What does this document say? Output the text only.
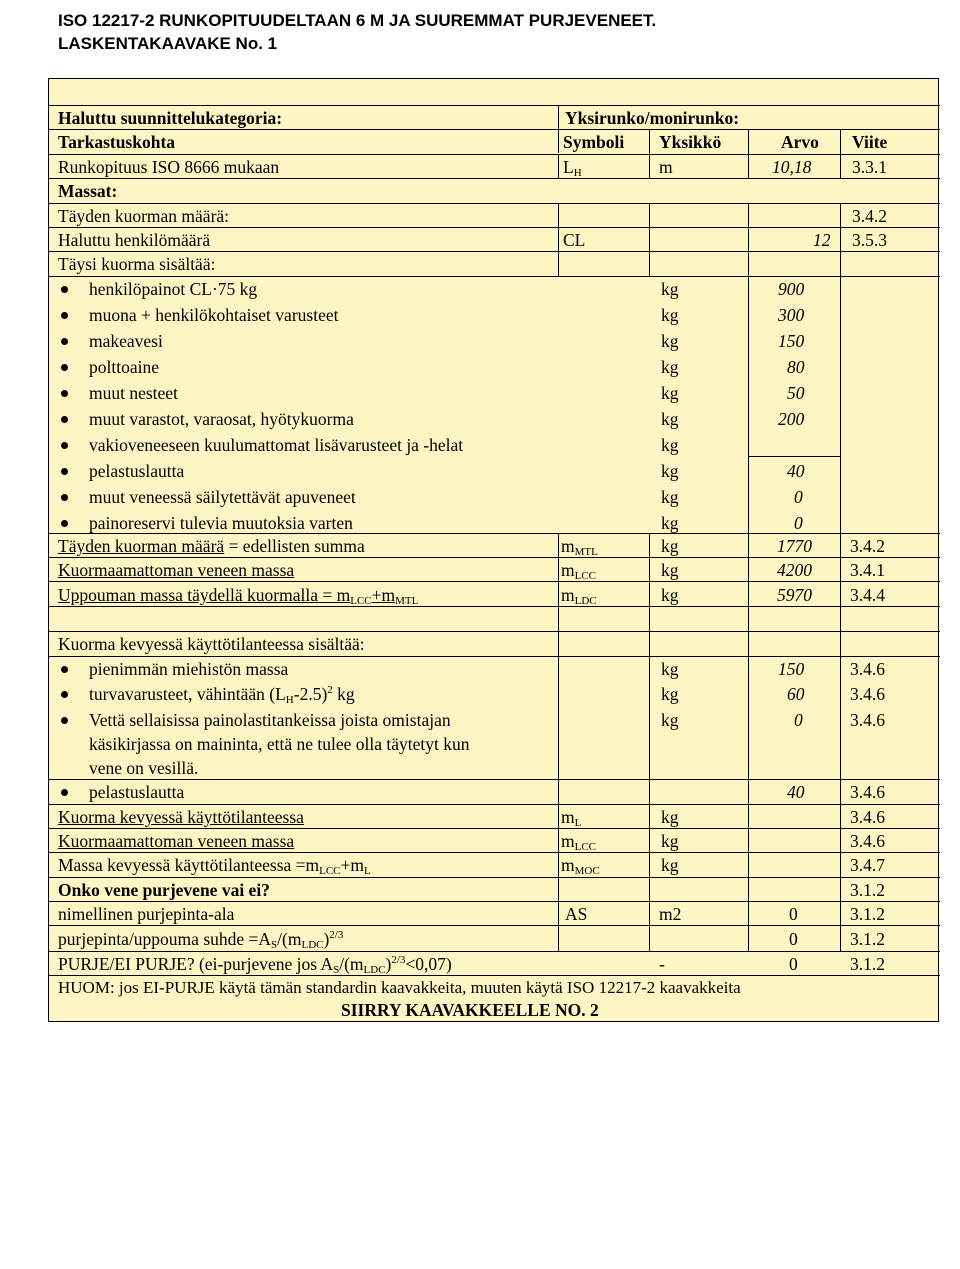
ISO 12217-2 RUNKOPITUUDELTAAN 6 M JA SUUREMMAT PURJEVENEET.
LASKENTAKAAVAKE No. 1
Haluttu suunnittelukategoria:	Yksirunko/monirunko:
Tarkastuskohta	Symboli Yksikkö	Arvo Viite
Runkopituus ISO 8666 mukaan	$L_H$	m	10,18 3.3.1
Massat:
Täyden kuorman määrä:	3.4.2
Haluttu henkilömäärä	CL	12 3.5.3
Täysi kuorma sisältää:
henkilöpainot CL·75 kg	kg	900
muona + henkilökohtaiset varusteet	kg	300
makeavesi	kg	150
polttoaine	kg	80
muut nesteet	kg	50
muut varastot, varaosat, hyötykuorma	kg	200
vakioveneeseen kuulumattomat lisävarusteet ja -helat	kg
pelastuslautta	kg	40
muut veneessä säilytettävät apuveneet	kg	0
painoreservi tulevia muutoksia varten	kg	0
Täyden kuorman määrä = edellisten summa	$m_{MTL}$	kg	1770 3.4.2
Kuormaamattoman veneen massa	$m_{LCC}$	kg	4200 3.4.1
Uppouman massa täydellä kuormalla = $m_{LCC}+m_{MTL}$	$m_{LDC}$	kg	5970 3.4.4
Kuorma kevyessä käyttötilanteessa sisältää:
pienimmän miehistön massa	kg	150	3.4.6
turvavarusteet, vähintään $(L_H-2.5)^2$ kg	kg	60	3.4.6
Vettä sellaisissa painolastitankeissa joista omistajan
käsikirjassa on maininta, että ne tulee olla täytetyt kun
vene on vesillä.
kg	0	3.4.6
pelastuslautta	40	3.4.6
Kuorma kevyessä käyttötilanteessa	$m_L$	kg	3.4.6
Kuormaamattoman veneen massa	$m_{LCC}$	kg	3.4.6
Massa kevyessä käyttötilanteessa $=m_{LCC}+m_L$	$m_{MOC}$	kg	3.4.7
Onko vene purjevene vai ei?	3.1.2
nimellinen purjepinta-ala	AS	m2	0	3.1.2
purjepinta/uppouma suhde $=A_S/(m_{LDC})^{2/3}$	0	3.1.2
PURJE/EI PURJE? (ei-purjevene jos $A_S/(m_{LDC})^{2/3}<0,07$)	-	0	3.1.2
HUOM: jos EI-PURJE käytä tämän standardin kaavakkeita, muuten käytä ISO 12217-2 kaavakkeita
SIIRRY KAAVAKKEELLE NO. 2
